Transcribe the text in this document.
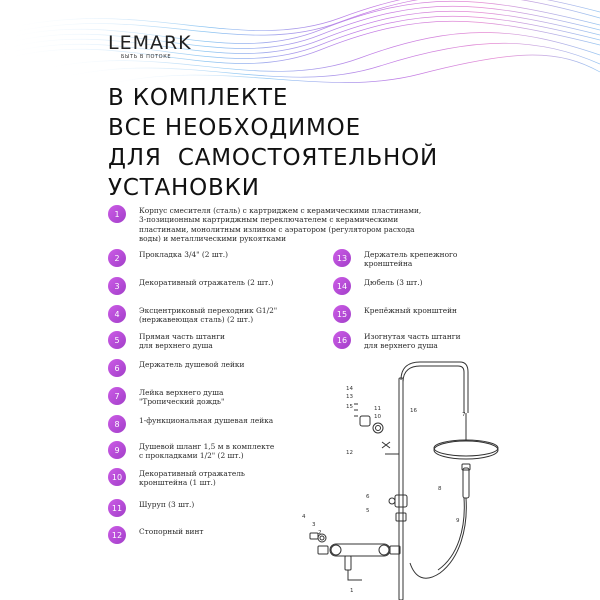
LEMARK
БЫТЬ В ПОТОКЕ
В КОМПЛЕКТЕ
ВСЕ НЕОБХОДИМОЕ
ДЛЯ  САМОСТОЯТЕЛЬНОЙ
УСТАНОВКИ
1	Корпус смесителя (сталь) с картриджем с керамическими пластинами,
3-позиционным картриджным переключателем с керамическими
пластинами, монолитным изливом с аэратором (регулятором расхода
воды) и металлическими рукоятками
2	Прокладка 3/4" (2 шт.)
3	Декоративный отражатель (2 шт.)
4	Эксцентриковый переходник G1/2"
(нержавеющая сталь) (2 шт.)
5	Прямая часть штанги
для верхнего душа
6	Держатель душевой лейки
7	Лейка верхнего душа
"Тропический дождь"
8	1-функциональная душевая лейка
9	Душевой шланг 1,5 м в комплекте
с прокладками 1/2" (2 шт.)
10	Декоративный отражатель
кронштейна (1 шт.)
11	Шуруп (3 шт.)
12	Стопорный винт
13	Держатель крепежного
кронштейна
14	Дюбель (3 шт.)
15	Крепёжный кронштейн
16	Изогнутая часть штанги
для верхнего душа
14
13
15	11
10
12
16
7
6
5
8
9
4
3
2
1
